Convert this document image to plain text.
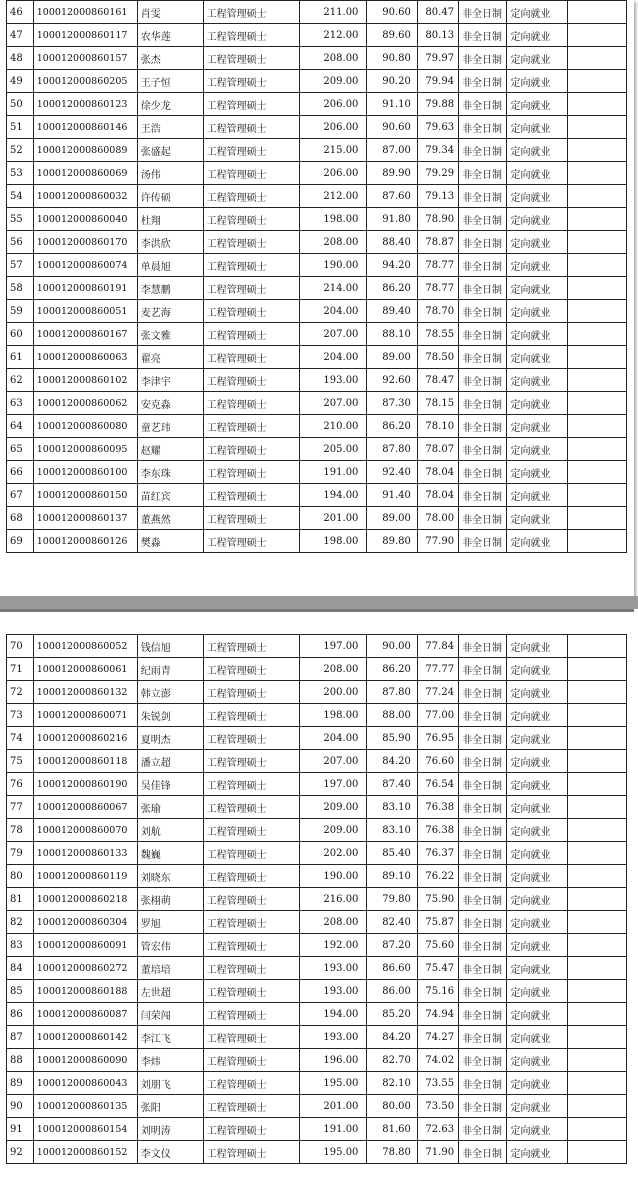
46	100012000860161	肖雯	工程管理硕士	211.00	90.60	80.47	非全日制	定向就业	
47	100012000860117	农华莲	工程管理硕士	212.00	89.60	80.13	非全日制	定向就业	
48	100012000860157	张杰	工程管理硕士	208.00	90.80	79.97	非全日制	定向就业	
49	100012000860205	王子恒	工程管理硕士	209.00	90.20	79.94	非全日制	定向就业	
50	100012000860123	徐少龙	工程管理硕士	206.00	91.10	79.88	非全日制	定向就业	
51	100012000860146	王浩	工程管理硕士	206.00	90.60	79.63	非全日制	定向就业	
52	100012000860089	张盛起	工程管理硕士	215.00	87.00	79.34	非全日制	定向就业	
53	100012000860069	汤伟	工程管理硕士	206.00	89.90	79.29	非全日制	定向就业	
54	100012000860032	许传硕	工程管理硕士	212.00	87.60	79.13	非全日制	定向就业	
55	100012000860040	杜翔	工程管理硕士	198.00	91.80	78.90	非全日制	定向就业	
56	100012000860170	李洪欣	工程管理硕士	208.00	88.40	78.87	非全日制	定向就业	
57	100012000860074	单晨旭	工程管理硕士	190.00	94.20	78.77	非全日制	定向就业	
58	100012000860191	李慧鹏	工程管理硕士	214.00	86.20	78.77	非全日制	定向就业	
59	100012000860051	麦艺海	工程管理硕士	204.00	89.40	78.70	非全日制	定向就业	
60	100012000860167	张文雅	工程管理硕士	207.00	88.10	78.55	非全日制	定向就业	
61	100012000860063	翟亮	工程管理硕士	204.00	89.00	78.50	非全日制	定向就业	
62	100012000860102	李津宇	工程管理硕士	193.00	92.60	78.47	非全日制	定向就业	
63	100012000860062	安克淼	工程管理硕士	207.00	87.30	78.15	非全日制	定向就业	
64	100012000860080	童艺玮	工程管理硕士	210.00	86.20	78.10	非全日制	定向就业	
65	100012000860095	赵耀	工程管理硕士	205.00	87.80	78.07	非全日制	定向就业	
66	100012000860100	李东珠	工程管理硕士	191.00	92.40	78.04	非全日制	定向就业	
67	100012000860150	苗红宾	工程管理硕士	194.00	91.40	78.04	非全日制	定向就业	
68	100012000860137	董燕然	工程管理硕士	201.00	89.00	78.00	非全日制	定向就业	
69	100012000860126	樊淼	工程管理硕士	198.00	89.80	77.90	非全日制	定向就业	
70	100012000860052	钱信旭	工程管理硕士	197.00	90.00	77.84	非全日制	定向就业	
71	100012000860061	纪雨青	工程管理硕士	208.00	86.20	77.77	非全日制	定向就业	
72	100012000860132	韩立澎	工程管理硕士	200.00	87.80	77.24	非全日制	定向就业	
73	100012000860071	朱锐剑	工程管理硕士	198.00	88.00	77.00	非全日制	定向就业	
74	100012000860216	夏明杰	工程管理硕士	204.00	85.90	76.95	非全日制	定向就业	
75	100012000860118	潘立超	工程管理硕士	207.00	84.20	76.60	非全日制	定向就业	
76	100012000860190	吴佳锋	工程管理硕士	197.00	87.40	76.54	非全日制	定向就业	
77	100012000860067	张瑜	工程管理硕士	209.00	83.10	76.38	非全日制	定向就业	
78	100012000860070	刘航	工程管理硕士	209.00	83.10	76.38	非全日制	定向就业	
79	100012000860133	魏巍	工程管理硕士	202.00	85.40	76.37	非全日制	定向就业	
80	100012000860119	刘晓东	工程管理硕士	190.00	89.10	76.22	非全日制	定向就业	
81	100012000860218	张栩萌	工程管理硕士	216.00	79.80	75.90	非全日制	定向就业	
82	100012000860304	罗旭	工程管理硕士	208.00	82.40	75.87	非全日制	定向就业	
83	100012000860091	管宏伟	工程管理硕士	192.00	87.20	75.60	非全日制	定向就业	
84	100012000860272	董培培	工程管理硕士	193.00	86.60	75.47	非全日制	定向就业	
85	100012000860188	左世超	工程管理硕士	193.00	86.00	75.16	非全日制	定向就业	
86	100012000860087	闫荣闯	工程管理硕士	194.00	85.20	74.94	非全日制	定向就业	
87	100012000860142	李江飞	工程管理硕士	193.00	84.20	74.27	非全日制	定向就业	
88	100012000860090	李炜	工程管理硕士	196.00	82.70	74.02	非全日制	定向就业	
89	100012000860043	刘朋飞	工程管理硕士	195.00	82.10	73.55	非全日制	定向就业	
90	100012000860135	张阳	工程管理硕士	201.00	80.00	73.50	非全日制	定向就业	
91	100012000860154	刘明涛	工程管理硕士	191.00	81.60	72.63	非全日制	定向就业	
92	100012000860152	李文仪	工程管理硕士	195.00	78.80	71.90	非全日制	定向就业	
